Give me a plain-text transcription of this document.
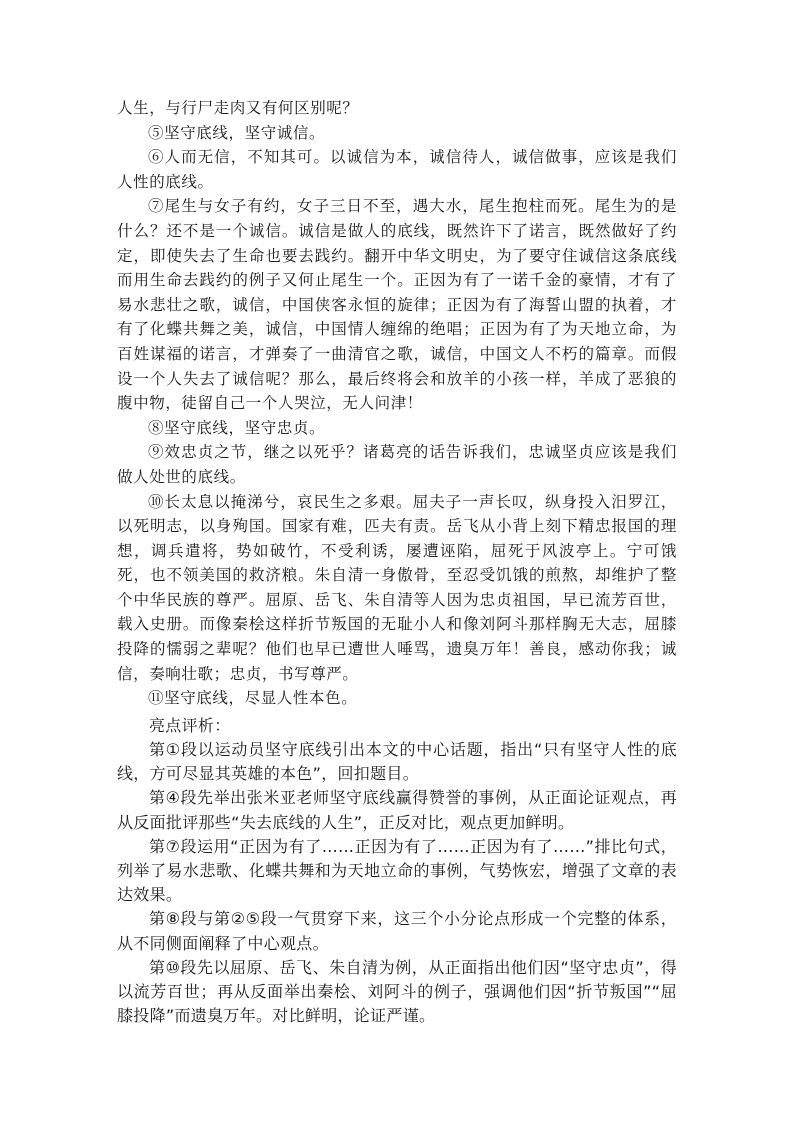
人生，与行尸走肉又有何区别呢？

⑤坚守底线，坚守诚信。

⑥人而无信，不知其可。以诚信为本，诚信待人，诚信做事，应该是我们人性的底线。

⑦尾生与女子有约，女子三日不至，遇大水，尾生抱柱而死。尾生为的是什么？还不是一个诚信。诚信是做人的底线，既然许下了诺言，既然做好了约定，即使失去了生命也要去践约。翻开中华文明史，为了要守住诚信这条底线而用生命去践约的例子又何止尾生一个。正因为有了一诺千金的豪情，才有了易水悲壮之歌，诚信，中国侠客永恒的旋律；正因为有了海誓山盟的执着，才有了化蝶共舞之美，诚信，中国情人缠绵的绝唱；正因为有了为天地立命，为百姓谋福的诺言，才弹奏了一曲清官之歌，诚信，中国文人不朽的篇章。而假设一个人失去了诚信呢？那么，最后终将会和放羊的小孩一样，羊成了恶狼的腹中物，徒留自己一个人哭泣，无人问津！

⑧坚守底线，坚守忠贞。

⑨效忠贞之节，继之以死乎？诸葛亮的话告诉我们，忠诚坚贞应该是我们做人处世的底线。

⑩长太息以掩涕兮，哀民生之多艰。屈夫子一声长叹，纵身投入汨罗江，以死明志，以身殉国。国家有难，匹夫有责。岳飞从小背上刻下精忠报国的理想，调兵遣将，势如破竹，不受利诱，屡遭诬陷，屈死于风波亭上。宁可饿死，也不领美国的救济粮。朱自清一身傲骨，至忍受饥饿的煎熬，却维护了整个中华民族的尊严。屈原、岳飞、朱自清等人因为忠贞祖国，早已流芳百世，载入史册。而像秦桧这样折节叛国的无耻小人和像刘阿斗那样胸无大志，屈膝投降的懦弱之辈呢？他们也早已遭世人唾骂，遗臭万年！善良，感动你我；诚信，奏响壮歌；忠贞，书写尊严。

⑪坚守底线，尽显人性本色。

亮点评析：

第①段以运动员坚守底线引出本文的中心话题，指出“只有坚守人性的底线，方可尽显其英雄的本色”，回扣题目。

第④段先举出张米亚老师坚守底线赢得赞誉的事例，从正面论证观点，再从反面批评那些“失去底线的人生”，正反对比，观点更加鲜明。

第⑦段运用“正因为有了……正因为有了……正因为有了……”排比句式，列举了易水悲歌、化蝶共舞和为天地立命的事例，气势恢宏，增强了文章的表达效果。

第⑧段与第②⑤段一气贯穿下来，这三个小分论点形成一个完整的体系，从不同侧面阐释了中心观点。

第⑩段先以屈原、岳飞、朱自清为例，从正面指出他们因“坚守忠贞”，得以流芳百世；再从反面举出秦桧、刘阿斗的例子，强调他们因“折节叛国”“屈膝投降”而遗臭万年。对比鲜明，论证严谨。
